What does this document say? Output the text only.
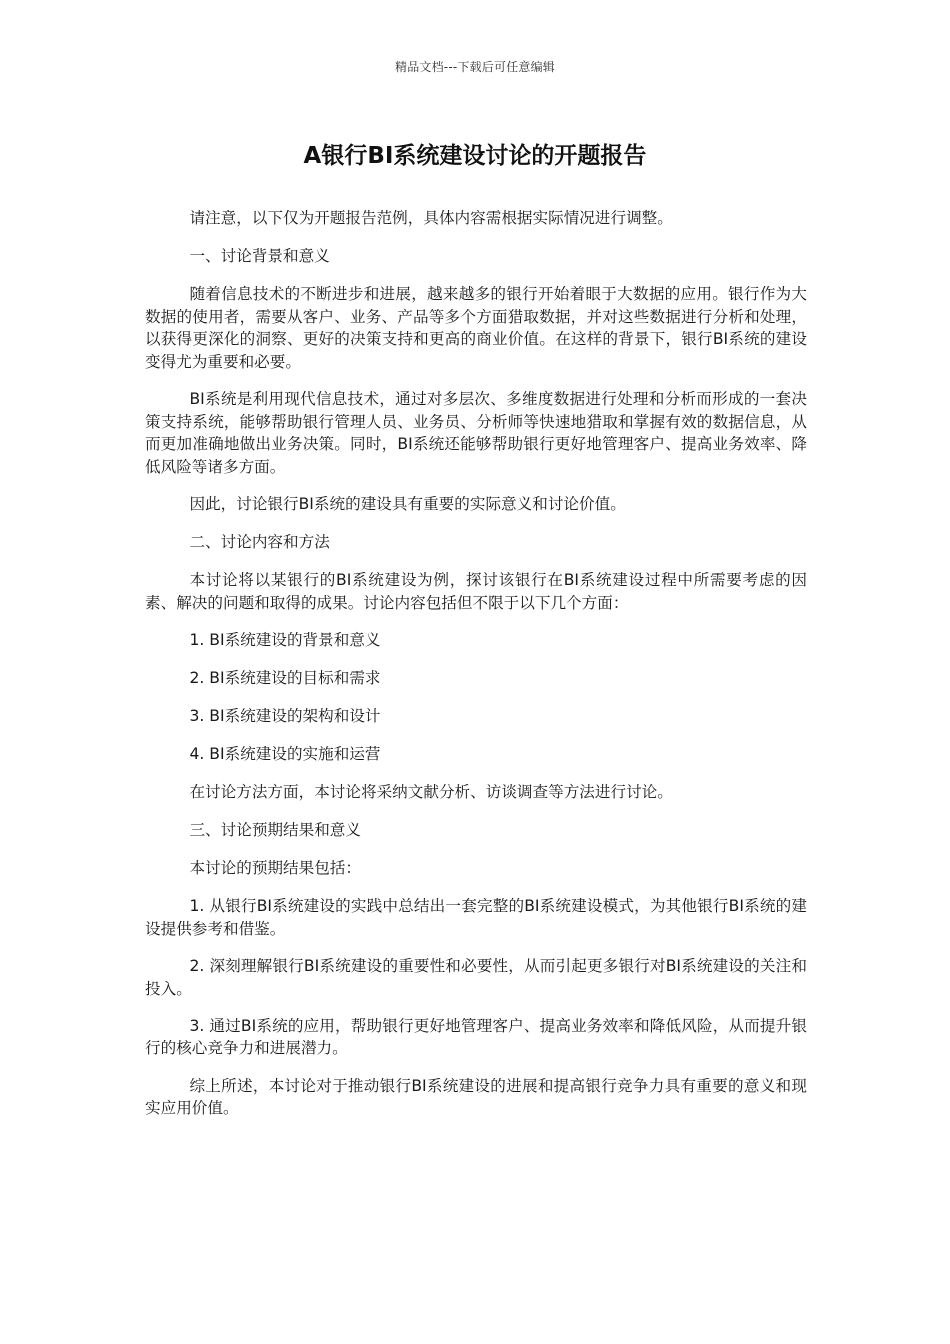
精品文档---下载后可任意编辑
A银行BI系统建设讨论的开题报告

请注意，以下仅为开题报告范例，具体内容需根据实际情况进行调整。

一、讨论背景和意义

随着信息技术的不断进步和进展，越来越多的银行开始着眼于大数据的应用。银行作为大数据的使用者，需要从客户、业务、产品等多个方面猎取数据，并对这些数据进行分析和处理，以获得更深化的洞察、更好的决策支持和更高的商业价值。在这样的背景下，银行BI系统的建设变得尤为重要和必要。

BI系统是利用现代信息技术，通过对多层次、多维度数据进行处理和分析而形成的一套决策支持系统，能够帮助银行管理人员、业务员、分析师等快速地猎取和掌握有效的数据信息，从而更加准确地做出业务决策。同时，BI系统还能够帮助银行更好地管理客户、提高业务效率、降低风险等诸多方面。

因此，讨论银行BI系统的建设具有重要的实际意义和讨论价值。

二、讨论内容和方法

本讨论将以某银行的BI系统建设为例，探讨该银行在BI系统建设过程中所需要考虑的因素、解决的问题和取得的成果。讨论内容包括但不限于以下几个方面：

1. BI系统建设的背景和意义

2. BI系统建设的目标和需求

3. BI系统建设的架构和设计

4. BI系统建设的实施和运营

在讨论方法方面，本讨论将采纳文献分析、访谈调查等方法进行讨论。

三、讨论预期结果和意义

本讨论的预期结果包括：

1. 从银行BI系统建设的实践中总结出一套完整的BI系统建设模式，为其他银行BI系统的建设提供参考和借鉴。

2. 深刻理解银行BI系统建设的重要性和必要性，从而引起更多银行对BI系统建设的关注和投入。

3. 通过BI系统的应用，帮助银行更好地管理客户、提高业务效率和降低风险，从而提升银行的核心竞争力和进展潜力。

综上所述，本讨论对于推动银行BI系统建设的进展和提高银行竞争力具有重要的意义和现实应用价值。
